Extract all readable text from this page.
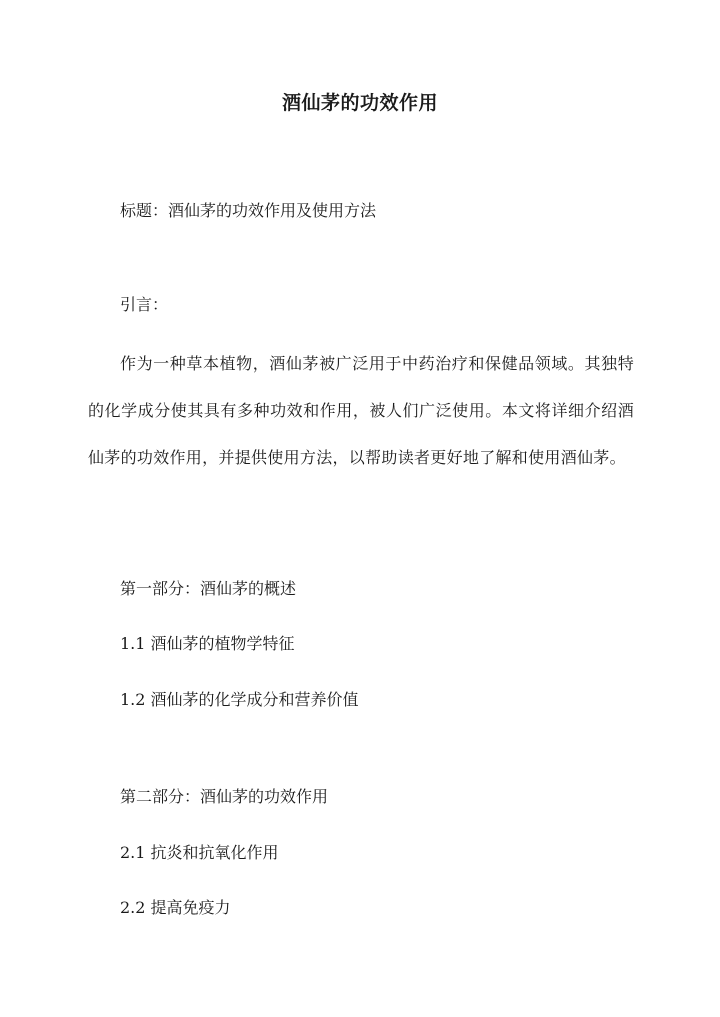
酒仙茅的功效作用
标题：酒仙茅的功效作用及使用方法
引言：
作为一种草本植物，酒仙茅被广泛用于中药治疗和保健品领域。其独特的化学成分使其具有多种功效和作用，被人们广泛使用。本文将详细介绍酒仙茅的功效作用，并提供使用方法，以帮助读者更好地了解和使用酒仙茅。
第一部分：酒仙茅的概述
1.1 酒仙茅的植物学特征
1.2 酒仙茅的化学成分和营养价值
第二部分：酒仙茅的功效作用
2.1 抗炎和抗氧化作用
2.2 提高免疫力
